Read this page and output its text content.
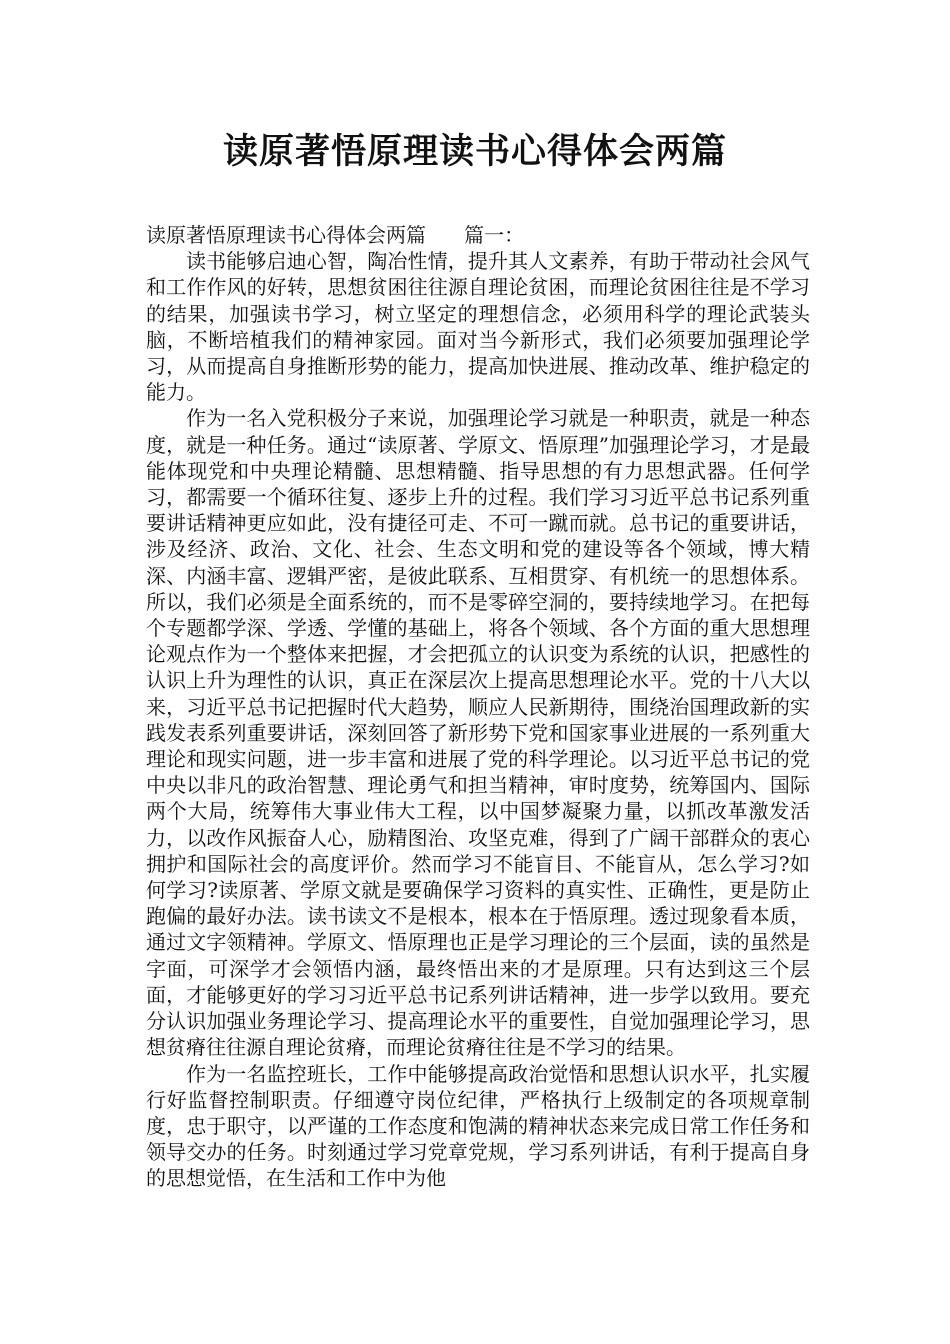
读原著悟原理读书心得体会两篇

读原著悟原理读书心得体会两篇      篇一：

读书能够启迪心智，陶冶性情，提升其人文素养，有助于带动社会风气和工作作风的好转，思想贫困往往源自理论贫困，而理论贫困往往是不学习的结果，加强读书学习，树立坚定的理想信念，必须用科学的理论武装头脑，不断培植我们的精神家园。面对当今新形式，我们必须要加强理论学习，从而提高自身推断形势的能力，提高加快进展、推动改革、维护稳定的能力。

作为一名入党积极分子来说，加强理论学习就是一种职责，就是一种态度，就是一种任务。通过“读原著、学原文、悟原理”加强理论学习，才是最能体现党和中央理论精髓、思想精髓、指导思想的有力思想武器。任何学习，都需要一个循环往复、逐步上升的过程。我们学习习近平总书记系列重要讲话精神更应如此，没有捷径可走、不可一蹴而就。总书记的重要讲话，涉及经济、政治、文化、社会、生态文明和党的建设等各个领域，博大精深、内涵丰富、逻辑严密，是彼此联系、互相贯穿、有机统一的思想体系。所以，我们必须是全面系统的，而不是零碎空洞的，要持续地学习。在把每个专题都学深、学透、学懂的基础上，将各个领域、各个方面的重大思想理论观点作为一个整体来把握，才会把孤立的认识变为系统的认识，把感性的认识上升为理性的认识，真正在深层次上提高思想理论水平。党的十八大以来，习近平总书记把握时代大趋势，顺应人民新期待，围绕治国理政新的实践发表系列重要讲话，深刻回答了新形势下党和国家事业进展的一系列重大理论和现实问题，进一步丰富和进展了党的科学理论。以习近平总书记的党中央以非凡的政治智慧、理论勇气和担当精神，审时度势，统筹国内、国际两个大局，统筹伟大事业伟大工程，以中国梦凝聚力量，以抓改革激发活力，以改作风振奋人心，励精图治、攻坚克难，得到了广阔干部群众的衷心拥护和国际社会的高度评价。然而学习不能盲目、不能盲从，怎么学习?如何学习?读原著、学原文就是要确保学习资料的真实性、正确性，更是防止跑偏的最好办法。读书读文不是根本，根本在于悟原理。透过现象看本质，通过文字领精神。学原文、悟原理也正是学习理论的三个层面，读的虽然是字面，可深学才会领悟内涵，最终悟出来的才是原理。只有达到这三个层面，才能够更好的学习习近平总书记系列讲话精神，进一步学以致用。要充分认识加强业务理论学习、提高理论水平的重要性，自觉加强理论学习，思想贫瘠往往源自理论贫瘠，而理论贫瘠往往是不学习的结果。

作为一名监控班长，工作中能够提高政治觉悟和思想认识水平，扎实履行好监督控制职责。仔细遵守岗位纪律，严格执行上级制定的各项规章制度，忠于职守，以严谨的工作态度和饱满的精神状态来完成日常工作任务和领导交办的任务。时刻通过学习党章党规，学习系列讲话，有利于提高自身的思想觉悟，在生活和工作中为他
